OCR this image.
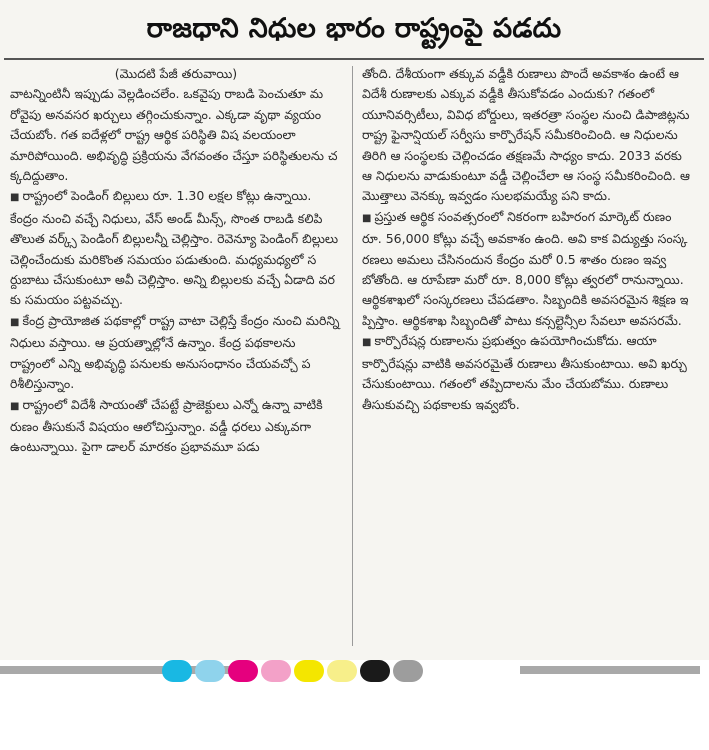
రాజధాని నిధుల భారం రాష్ట్రంపై పడదు

(మొదటి పేజీ తరువాయి)

వాటన్నింటినీ ఇప్పుడు వెల్లడించలేం. ఒకవైపు రాబడి పెంచుతూ మరోవైపు అనవసర ఖర్చులు తగ్గించుకున్నాం. ఎక్కడా వృథా వ్యయం చేయబోం. గత ఐదేళ్లలో రాష్ట్ర ఆర్థిక పరిస్థితి విష వలయంలా మారిపోయింది. అభివృద్ధి ప్రక్రియను వేగవంతం చేస్తూ పరిస్థితులను చక్కదిద్దుతాం.

■ రాష్ట్రంలో పెండింగ్ బిల్లులు రూ. 1.30 లక్షల కోట్లు ఉన్నాయి. కేంద్రం నుంచి వచ్చే నిధులు, వేస్ అండ్ మీన్స్, సొంత రాబడి కలిపి తొలుత వర్క్స్ పెండింగ్ బిల్లులన్నీ చెల్లిస్తాం. రెవెన్యూ పెండింగ్ బిల్లులు చెల్లించేందుకు మరికొంత సమయం పడుతుంది. మధ్యమధ్యలో సర్దుబాటు చేసుకుంటూ అవీ చెల్లిస్తాం. అన్ని బిల్లులకు వచ్చే ఏడాది వరకు సమయం పట్టవచ్చు.

■ కేంద్ర ప్రాయోజిత పథకాల్లో రాష్ట్ర వాటా చెల్లిస్తే కేంద్రం నుంచి మరిన్ని నిధులు వస్తాయి. ఆ ప్రయత్నాల్లోనే ఉన్నాం. కేంద్ర పథకాలను రాష్ట్రంలో ఎన్ని అభివృద్ధి పనులకు అనుసంధానం చేయవచ్చో పరిశీలిస్తున్నాం.

■ రాష్ట్రంలో విదేశీ సాయంతో చేపట్టే ప్రాజెక్టులు ఎన్నో ఉన్నా వాటికి రుణం తీసుకునే విషయం ఆలోచిస్తున్నాం. వడ్డీ ధరలు ఎక్కువగా ఉంటున్నాయి. పైగా డాలర్ మారకం ప్రభావమూ పడు

తోంది. దేశీయంగా తక్కువ వడ్డీకి రుణాలు పొందే అవకాశం ఉంటే ఆ విదేశీ రుణాలకు ఎక్కువ వడ్డీకి తీసుకోవడం ఎందుకు? గతంలో యూనివర్సిటీలు, వివిధ బోర్డులు, ఇతరత్రా సంస్థల నుంచి డిపాజిట్లను రాష్ట్ర ఫైనాన్షియల్ సర్వీసు కార్పొరేషన్ సమీకరించింది. ఆ నిధులను తిరిగి ఆ సంస్థలకు చెల్లించడం తక్షణమే సాధ్యం కాదు. 2033 వరకు ఆ నిధులను వాడుకుంటూ వడ్డీ చెల్లించేలా ఆ సంస్థ సమీకరించింది. ఆ మొత్తాలు వెనక్కు ఇవ్వడం సులభమయ్యే పని కాదు.

■ ప్రస్తుత ఆర్థిక సంవత్సరంలో నికరంగా బహిరంగ మార్కెట్ రుణం రూ. 56,000 కోట్లు వచ్చే అవకాశం ఉంది. అవి కాక విద్యుత్తు సంస్కరణలు అమలు చేసినందున కేంద్రం మరో 0.5 శాతం రుణం ఇవ్వబోతోంది. ఆ రూపేణా మరో రూ. 8,000 కోట్లు త్వరలో రానున్నాయి. ఆర్థికశాఖలో సంస్కరణలు చేపడతాం. సిబ్బందికి అవసరమైన శిక్షణ ఇప్పిస్తాం. ఆర్థికశాఖ సిబ్బందితో పాటు కన్సల్టెన్సీల సేవలూ అవసరమే.

■ కార్పొరేషన్ల రుణాలను ప్రభుత్వం ఉపయోగించుకోదు. ఆయా కార్పొరేషన్లు వాటికి అవసరమైతే రుణాలు తీసుకుంటాయి. అవి ఖర్చు చేసుకుంటాయి. గతంలో తప్పిదాలను మేం చేయబోము. రుణాలు తీసుకువచ్చి పథకాలకు ఇవ్వబోం.
